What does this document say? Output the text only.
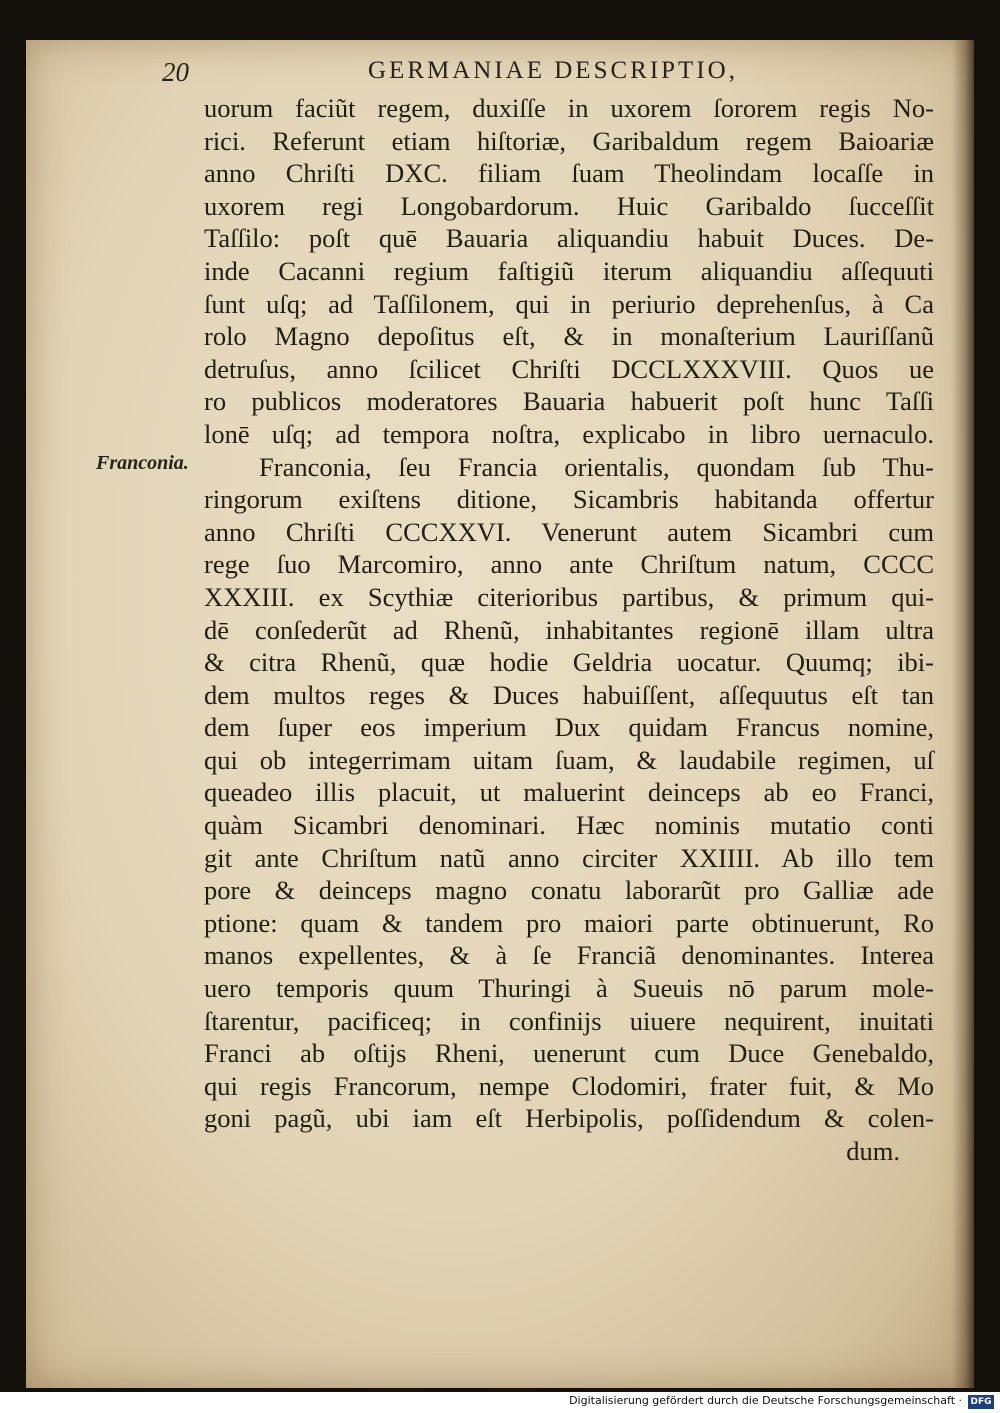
20	GERMANIAE DESCRIPTIO,
Franconia.
uorum faciũt regem, duxiſſe in uxorem ſororem regis No-
rici. Referunt etiam hiſtoriæ, Garibaldum regem Baioariæ
anno Chriſti DXC. filiam ſuam Theolindam locaſſe in
uxorem regi Longobardorum. Huic Garibaldo ſucceſſit
Taſſilo: poſt quē Bauaria aliquandiu habuit Duces. De-
inde Cacanni regium faſtigiũ iterum aliquandiu aſſequuti
ſunt uſq; ad Taſſilonem, qui in periurio deprehenſus, à Ca
rolo Magno depoſitus eſt, & in monaſterium Lauriſſanũ
detruſus, anno ſcilicet Chriſti DCCLXXXVIII. Quos ue
ro publicos moderatores Bauaria habuerit poſt hunc Taſſi
lonē uſq; ad tempora noſtra, explicabo in libro uernaculo.
Franconia, ſeu Francia orientalis, quondam ſub Thu-
ringorum exiſtens ditione, Sicambris habitanda offertur
anno Chriſti CCCXXVI. Venerunt autem Sicambri cum
rege ſuo Marcomiro, anno ante Chriſtum natum, CCCC
XXXIII. ex Scythiæ citerioribus partibus, & primum qui-
dē conſederũt ad Rhenũ, inhabitantes regionē illam ultra
& citra Rhenũ, quæ hodie Geldria uocatur. Quumq; ibi-
dem multos reges & Duces habuiſſent, aſſequutus eſt tan
dem ſuper eos imperium Dux quidam Francus nomine,
qui ob integerrimam uitam ſuam, & laudabile regimen, uſ
queadeo illis placuit, ut maluerint deinceps ab eo Franci,
quàm Sicambri denominari. Hæc nominis mutatio conti
git ante Chriſtum natũ anno circiter XXIIII. Ab illo tem
pore & deinceps magno conatu laborarũt pro Galliæ ade
ptione: quam & tandem pro maiori parte obtinuerunt, Ro
manos expellentes, & à ſe Franciã denominantes. Interea
uero temporis quum Thuringi à Sueuis nō parum mole-
ſtarentur, pacificeq; in confinijs uiuere nequirent, inuitati
Franci ab oſtijs Rheni, uenerunt cum Duce Genebaldo,
qui regis Francorum, nempe Clodomiri, frater fuit, & Mo
goni pagũ, ubi iam eſt Herbipolis, poſſidendum & colen-
dum.
Digitalisierung gefördert durch die Deutsche Forschungsgemeinschaft · DFG
